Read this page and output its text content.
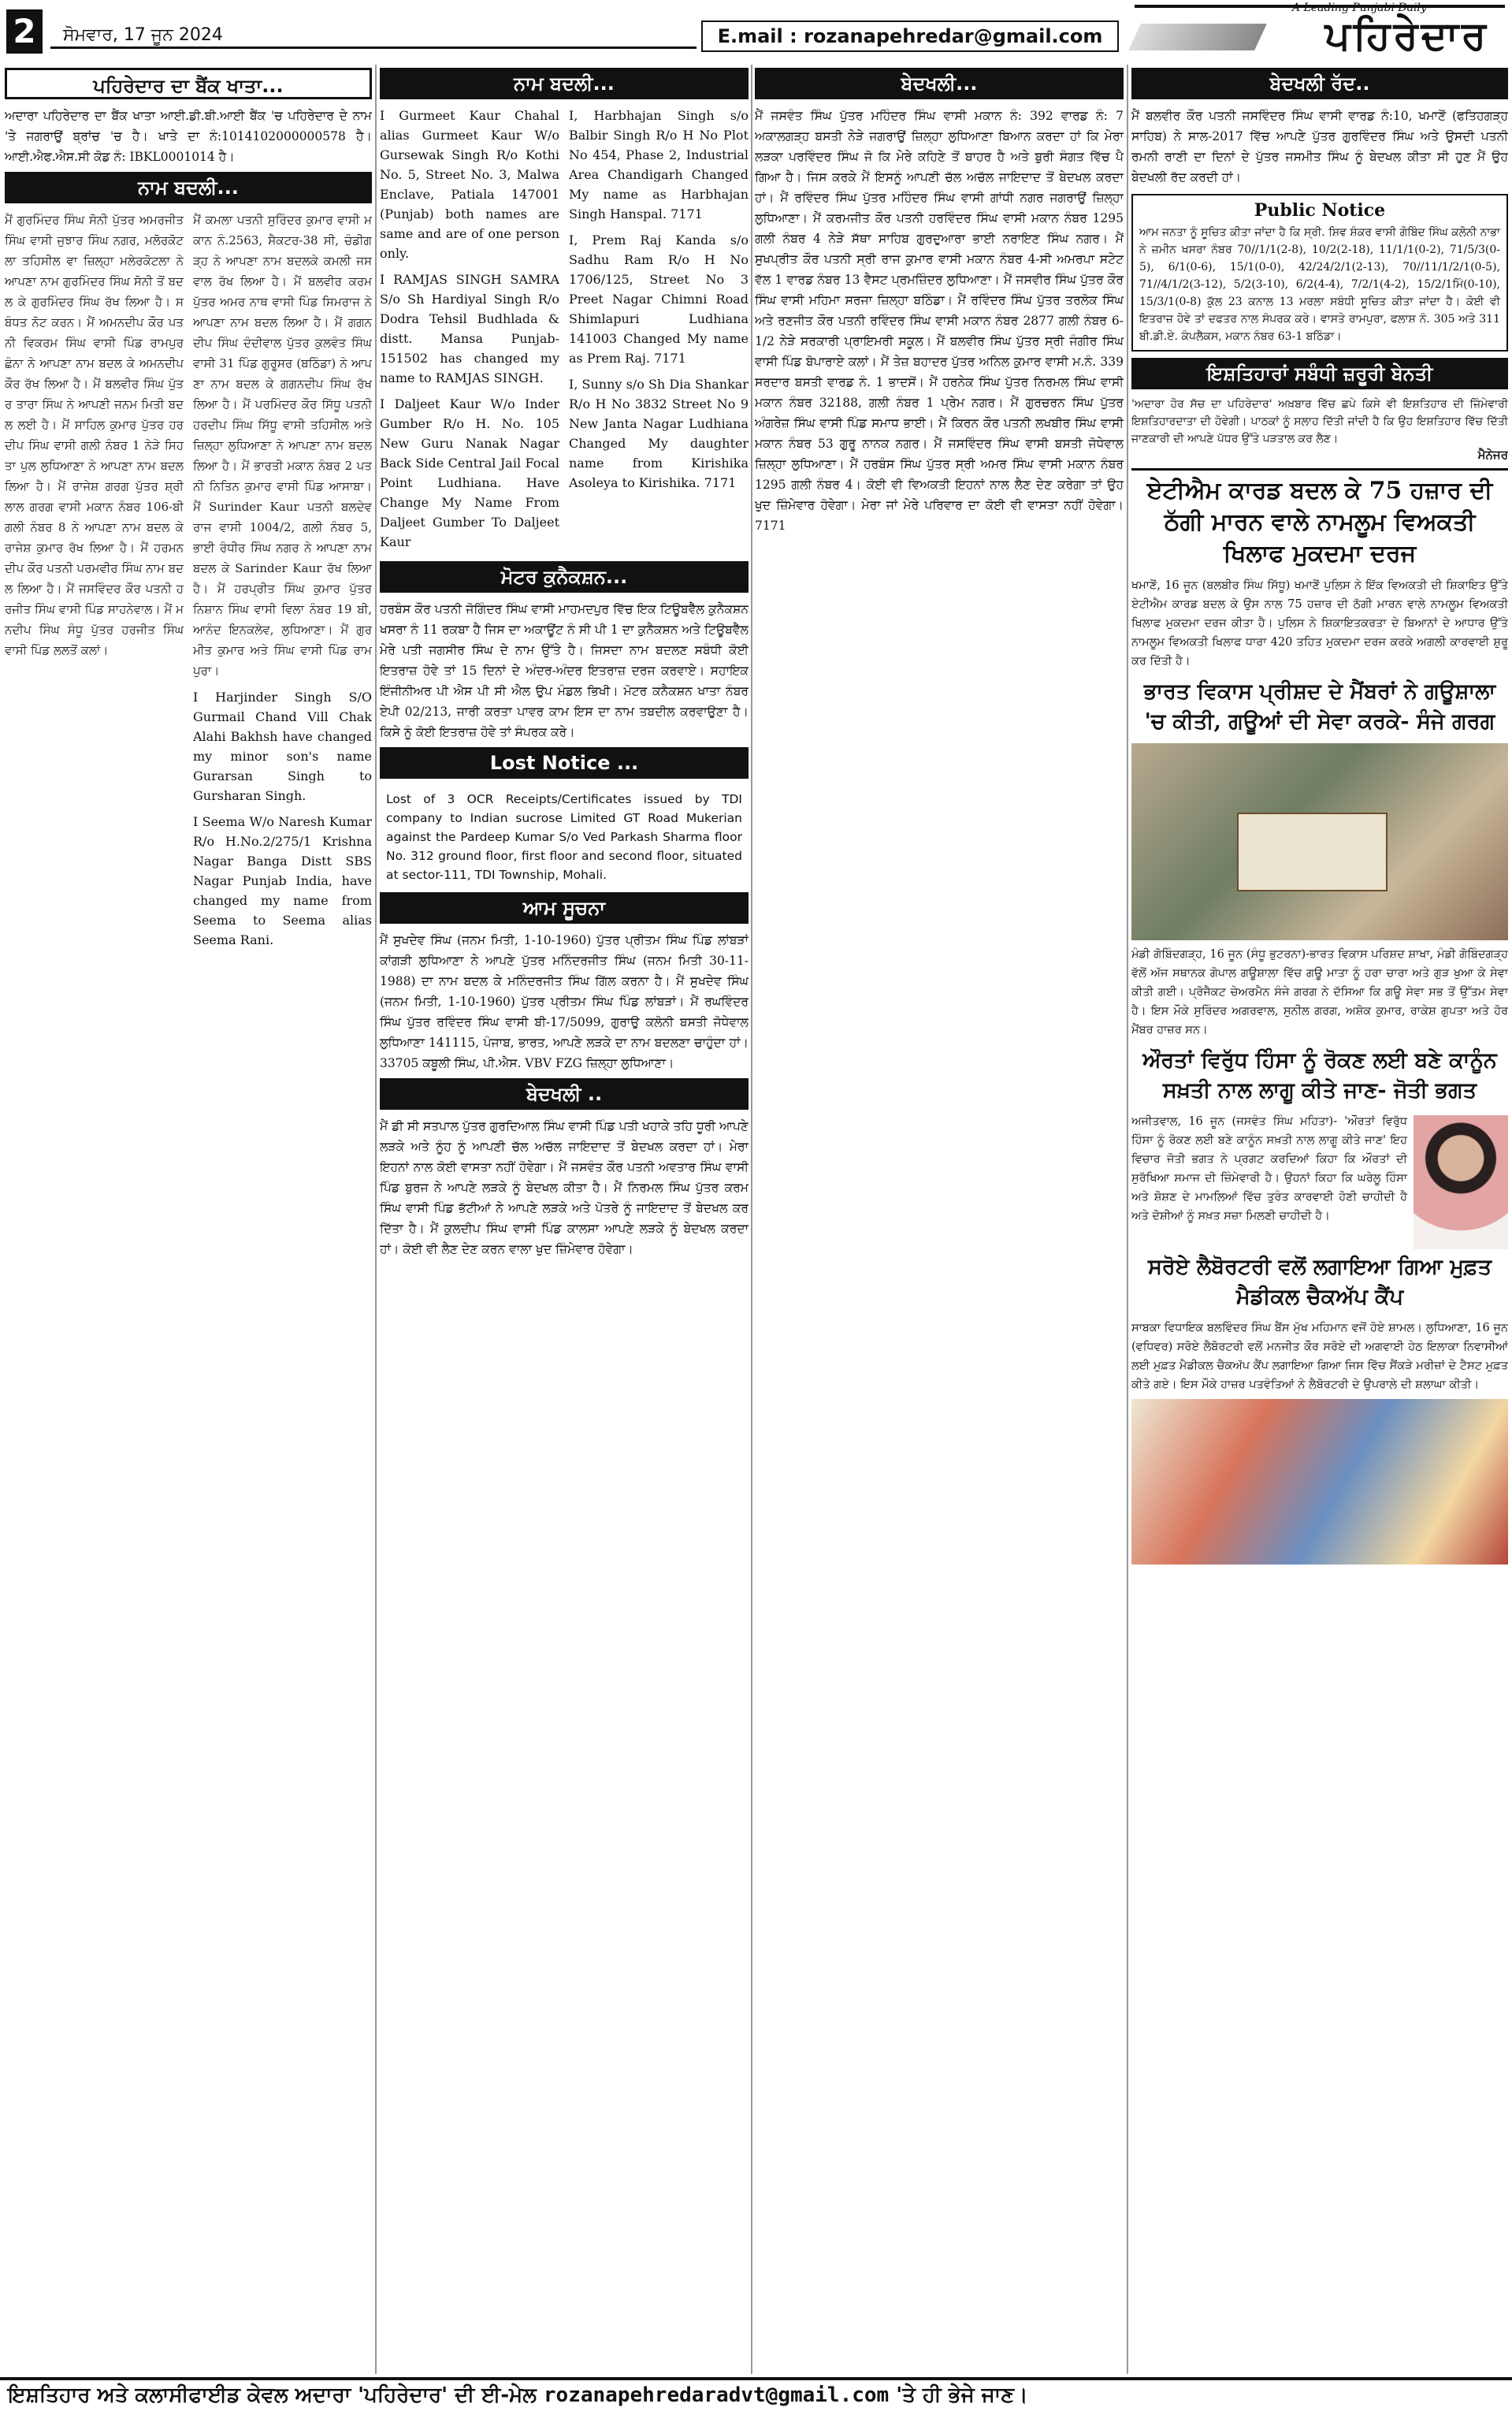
2	ਸੋਮਵਾਰ, 17 ਜੂਨ 2024	E.mail : rozanapehredar@gmail.com	ਪਹਿਰੇਦਾਰ
A Leading Punjabi Daily
ਪਹਿਰੇਦਾਰ ਦਾ ਬੈਂਕ ਖਾਤਾ...

ਅਦਾਰਾ ਪਹਿਰੇਦਾਰ ਦਾ ਬੈਂਕ ਖਾਤਾ ਆਈ.ਡੀ.ਬੀ.ਆਈ ਬੈਂਕ 'ਚ ਪਹਿਰੇਦਾਰ ਦੇ ਨਾਮ 'ਤੇ ਜਗਰਾਉਂ ਬ੍ਰਾਂਚ 'ਚ ਹੈ। ਖਾਤੇ ਦਾ ਨੰ:1014102000000578 ਹੈ। ਆਈ.ਐਫ.ਐਸ.ਸੀ ਕੋਡ ਨੰ: IBKL0001014 ਹੈ।

ਨਾਮ ਬਦਲੀ...

ਮੈਂ ਗੁਰਮਿੰਦਰ ਸਿੰਘ ਸੋਨੀ ਪੁੱਤਰ ਅਮਰਜੀਤ ਸਿੰਘ ਵਾਸੀ ਜੁਝਾਰ ਸਿੰਘ ਨਗਰ, ਮਲੋਰਕੋਟਲਾ ਤਹਿਸੀਲ ਵਾ ਜ਼ਿਲ੍ਹਾ ਮਲੇਰਕੋਟਲਾ ਨੇ ਆਪਣਾ ਨਾਮ ਗੁਰਮਿੰਦਰ ਸਿੰਘ ਸੋਨੀ ਤੋਂ ਬਦਲ ਕੇ ਗੁਰਮਿੰਦਰ ਸਿੰਘ ਰੱਖ ਲਿਆ ਹੈ। ਸਬੰਧਤ ਨੋਟ ਕਰਨ। ਮੈਂ ਅਮਨਦੀਪ ਕੌਰ ਪਤਨੀ ਵਿਕਰਮ ਸਿੰਘ ਵਾਸੀ ਪਿੰਡ ਰਾਮਪੁਰ ਛੰਨਾ ਨੇ ਆਪਣਾ ਨਾਮ ਬਦਲ ਕੇ ਅਮਨਦੀਪ ਕੌਰ ਰੱਖ ਲਿਆ ਹੈ। ਮੈਂ ਬਲਵੀਰ ਸਿੰਘ ਪੁੱਤਰ ਤਾਰਾ ਸਿੰਘ ਨੇ ਆਪਣੀ ਜਨਮ ਮਿਤੀ ਬਦਲ ਲਈ ਹੈ। ਮੈਂ ਸਾਹਿਲ ਕੁਮਾਰ ਪੁੱਤਰ ਹਰਦੀਪ ਸਿੰਘ ਵਾਸੀ ਗਲੀ ਨੰਬਰ 1 ਨੇੜੇ ਸਿਹਤਾ ਪੁਲ ਲੁਧਿਆਣਾ ਨੇ ਆਪਣਾ ਨਾਮ ਬਦਲ ਲਿਆ ਹੈ। ਮੈਂ ਰਾਜੇਸ਼ ਗਰਗ ਪੁੱਤਰ ਸ਼੍ਰੀ ਲਾਲ ਗਰਗ ਵਾਸੀ ਮਕਾਨ ਨੰਬਰ 106-ਬੀ ਗਲੀ ਨੰਬਰ 8 ਨੇ ਆਪਣਾ ਨਾਮ ਬਦਲ ਕੇ ਰਾਜੇਸ਼ ਕੁਮਾਰ ਰੱਖ ਲਿਆ ਹੈ। ਮੈਂ ਹਰਮਨਦੀਪ ਕੌਰ ਪਤਨੀ ਪਰਮਵੀਰ ਸਿੰਘ ਨਾਮ ਬਦਲ ਲਿਆ ਹੈ। ਮੈਂ ਜਸਵਿੰਦਰ ਕੌਰ ਪਤਨੀ ਹਰਜੀਤ ਸਿੰਘ ਵਾਸੀ ਪਿੰਡ ਸਾਹਨੇਵਾਲ। ਮੈਂ ਮਨਦੀਪ ਸਿੰਘ ਸੰਧੂ ਪੁੱਤਰ ਹਰਜੀਤ ਸਿੰਘ ਵਾਸੀ ਪਿੰਡ ਲਲਤੋਂ ਕਲਾਂ।

ਮੈਂ ਕਮਲਾ ਪਤਨੀ ਸੁਰਿੰਦਰ ਕੁਮਾਰ ਵਾਸੀ ਮਕਾਨ ਨੰ.2563, ਸੈਕਟਰ-38 ਸੀ, ਚੰਡੀਗੜ੍ਹ ਨੇ ਆਪਣਾ ਨਾਮ ਬਦਲਕੇ ਕਮਲੀ ਜਸਵਾਲ ਰੱਖ ਲਿਆ ਹੈ। ਮੈਂ ਬਲਵੀਰ ਕਰਮ ਪੁੱਤਰ ਅਮਰ ਨਾਥ ਵਾਸੀ ਪਿੰਡ ਸਿਮਰਾਜ ਨੇ ਆਪਣਾ ਨਾਮ ਬਦਲ ਲਿਆ ਹੈ। ਮੈਂ ਗਗਨਦੀਪ ਸਿੰਘ ਦੰਦੀਵਾਲ ਪੁੱਤਰ ਕੁਲਵੰਤ ਸਿੰਘ ਵਾਸੀ 31 ਪਿੰਡ ਗੁਰੂਸਰ (ਬਠਿੰਡਾ) ਨੇ ਆਪਣਾ ਨਾਮ ਬਦਲ ਕੇ ਗਗਨਦੀਪ ਸਿੰਘ ਰੱਖ ਲਿਆ ਹੈ। ਮੈਂ ਪਰਮਿੰਦਰ ਕੌਰ ਸਿੱਧੂ ਪਤਨੀ ਹਰਦੀਪ ਸਿੰਘ ਸਿੱਧੂ ਵਾਸੀ ਤਹਿਸੀਲ ਅਤੇ ਜ਼ਿਲ੍ਹਾ ਲੁਧਿਆਣਾ ਨੇ ਆਪਣਾ ਨਾਮ ਬਦਲ ਲਿਆ ਹੈ। ਮੈਂ ਭਾਰਤੀ ਮਕਾਨ ਨੰਬਰ 2 ਪਤਨੀ ਨਿਤਿਨ ਕੁਮਾਰ ਵਾਸੀ ਪਿੰਡ ਆਸਾਬਾ। ਮੈਂ Surinder Kaur ਪਤਨੀ ਬਲਦੇਵ ਰਾਜ ਵਾਸੀ 1004/2, ਗਲੀ ਨੰਬਰ 5, ਭਾਈ ਰੰਧੀਰ ਸਿੰਘ ਨਗਰ ਨੇ ਆਪਣਾ ਨਾਮ ਬਦਲ ਕੇ Sarinder Kaur ਰੱਖ ਲਿਆ ਹੈ। ਮੈਂ ਹਰਪ੍ਰੀਤ ਸਿੰਘ ਕੁਮਾਰ ਪੁੱਤਰ ਨਿਸ਼ਾਨ ਸਿੰਘ ਵਾਸੀ ਵਿਲਾ ਨੰਬਰ 19 ਬੀ, ਆਨੰਦ ਇਨਕਲੇਵ, ਲੁਧਿਆਣਾ। ਮੈਂ ਗੁਰਮੀਤ ਕੁਮਾਰ ਅਤੇ ਸਿੰਘ ਵਾਸੀ ਪਿੰਡ ਰਾਮਪੁਰਾ।

I Harjinder Singh S/O Gurmail Chand Vill Chak Alahi Bakhsh have changed my minor son's name Gurarsan Singh to Gursharan Singh.

I Seema W/o Naresh Kumar R/o H.No.2/275/1 Krishna Nagar Banga Distt SBS Nagar Punjab India, have changed my name from Seema to Seema alias Seema Rani.

ਨਾਮ ਬਦਲੀ...

I Gurmeet Kaur Chahal alias Gurmeet Kaur W/o Gursewak Singh R/o Kothi No. 5, Street No. 3, Malwa Enclave, Patiala 147001 (Punjab) both names are same and are of one person only.

I RAMJAS SINGH SAMRA S/o Sh Hardiyal Singh R/o Dodra Tehsil Budhlada & distt. Mansa Punjab-151502 has changed my name to RAMJAS SINGH.

I Daljeet Kaur W/o Inder Gumber R/o H. No. 105 New Guru Nanak Nagar Back Side Central Jail Focal Point Ludhiana. Have Change My Name From Daljeet Gumber To Daljeet Kaur

I, Harbhajan Singh s/o Balbir Singh R/o H No Plot No 454, Phase 2, Industrial Area Chandigarh Changed My name as Harbhajan Singh Hanspal. 7171

I, Prem Raj Kanda s/o Sadhu Ram R/o H No 1706/125, Street No 3 Preet Nagar Chimni Road Shimlapuri Ludhiana 141003 Changed My name as Prem Raj. 7171

I, Sunny s/o Sh Dia Shankar R/o H No 3832 Street No 9 New Janta Nagar Ludhiana Changed My daughter name from Kirishika Asoleya to Kirishika. 7171

ਮੋਟਰ ਕੁਨੈਕਸ਼ਨ...

ਹਰਬੰਸ ਕੌਰ ਪਤਨੀ ਜੋਗਿੰਦਰ ਸਿੰਘ ਵਾਸੀ ਮਾਹਮਦਪੁਰ ਵਿੱਚ ਇਕ ਟਿਊਬਵੈੱਲ ਕੁਨੈਕਸ਼ਨ ਖਸਰਾ ਨੰ 11 ਰਕਬਾ ਹੈ ਜਿਸ ਦਾ ਅਕਾਊਂਟ ਨੰ ਸੀ ਪੀ 1 ਦਾ ਕੁਨੈਕਸ਼ਨ ਅਤੇ ਟਿਊਬਵੈੱਲ ਮੇਰੇ ਪਤੀ ਜਗਸੀਰ ਸਿੰਘ ਦੇ ਨਾਮ ਉੱਤੇ ਹੈ। ਜਿਸਦਾ ਨਾਮ ਬਦਲਣ ਸਬੰਧੀ ਕੋਈ ਇਤਰਾਜ਼ ਹੋਵੇ ਤਾਂ 15 ਦਿਨਾਂ ਦੇ ਅੰਦਰ-ਅੰਦਰ ਇਤਰਾਜ਼ ਦਰਜ ਕਰਵਾਏ। ਸਹਾਇਕ ਇੰਜੀਨੀਅਰ ਪੀ ਐਸ ਪੀ ਸੀ ਐਲ ਉਪ ਮੰਡਲ ਭਿਖੀ। ਮੋਟਰ ਕਨੈਕਸ਼ਨ ਖਾਤਾ ਨੰਬਰ ਏਪੀ 02/213, ਜਾਰੀ ਕਰਤਾ ਪਾਵਰ ਕਾਮ ਇਸ ਦਾ ਨਾਮ ਤਬਦੀਲ ਕਰਵਾਉਣਾ ਹੈ। ਕਿਸੇ ਨੂੰ ਕੋਈ ਇਤਰਾਜ਼ ਹੋਵੇ ਤਾਂ ਸੰਪਰਕ ਕਰੇ।

Lost Notice ...

Lost of 3 OCR Receipts/Certificates issued by TDI company to Indian sucrose Limited GT Road Mukerian against the Pardeep Kumar S/o Ved Parkash Sharma floor No. 312 ground floor, first floor and second floor, situated at sector-111, TDI Township, Mohali.

ਆਮ ਸੂਚਨਾ

ਮੈਂ ਸੁਖਦੇਵ ਸਿੰਘ (ਜਨਮ ਮਿਤੀ, 1-10-1960) ਪੁੱਤਰ ਪ੍ਰੀਤਮ ਸਿੰਘ ਪਿੰਡ ਲਾਂਬੜਾਂ ਕਾਂਗੜੀ ਲੁਧਿਆਣਾ ਨੇ ਆਪਣੇ ਪੁੱਤਰ ਮਨਿੰਦਰਜੀਤ ਸਿੰਘ (ਜਨਮ ਮਿਤੀ 30-11-1988) ਦਾ ਨਾਮ ਬਦਲ ਕੇ ਮਨਿੰਦਰਜੀਤ ਸਿੰਘ ਗਿੱਲ ਕਰਨਾ ਹੈ। ਮੈਂ ਸੁਖਦੇਵ ਸਿੰਘ (ਜਨਮ ਮਿਤੀ, 1-10-1960) ਪੁੱਤਰ ਪ੍ਰੀਤਮ ਸਿੰਘ ਪਿੰਡ ਲਾਂਬੜਾਂ। ਮੈਂ ਰਘਵਿੰਦਰ ਸਿੰਘ ਪੁੱਤਰ ਰਵਿੰਦਰ ਸਿੰਘ ਵਾਸੀ ਬੀ-17/5099, ਗੁਰਾਉ ਕਲੋਨੀ ਬਸਤੀ ਜੋਧੇਵਾਲ ਲੁਧਿਆਣਾ 141115, ਪੰਜਾਬ, ਭਾਰਤ, ਆਪਣੇ ਲੜਕੇ ਦਾ ਨਾਮ ਬਦਲਣਾ ਚਾਹੁੰਦਾ ਹਾਂ। 33705 ਕਬੂਲੀ ਸਿੰਘ, ਪੀ.ਐਸ. VBV FZG ਜ਼ਿਲ੍ਹਾ ਲੁਧਿਆਣਾ।

ਬੇਦਖਲੀ ..

ਮੈਂ ਡੀ ਸੀ ਸਤਪਾਲ ਪੁੱਤਰ ਗੁਰਦਿਆਲ ਸਿੰਘ ਵਾਸੀ ਪਿੰਡ ਪਤੀ ਖਹਾਕੇ ਤਹਿ ਧੂਰੀ ਆਪਣੇ ਲੜਕੇ ਅਤੇ ਨੂੰਹ ਨੂੰ ਆਪਣੀ ਚੱਲ ਅਚੱਲ ਜਾਇਦਾਦ ਤੋਂ ਬੇਦਖਲ ਕਰਦਾ ਹਾਂ। ਮੇਰਾ ਇਹਨਾਂ ਨਾਲ ਕੋਈ ਵਾਸਤਾ ਨਹੀਂ ਹੋਵੇਗਾ। ਮੈਂ ਜਸਵੰਤ ਕੌਰ ਪਤਨੀ ਅਵਤਾਰ ਸਿੰਘ ਵਾਸੀ ਪਿੰਡ ਬੁਰਜ ਨੇ ਆਪਣੇ ਲੜਕੇ ਨੂੰ ਬੇਦਖਲ ਕੀਤਾ ਹੈ। ਮੈਂ ਨਿਰਮਲ ਸਿੰਘ ਪੁੱਤਰ ਕਰਮ ਸਿੰਘ ਵਾਸੀ ਪਿੰਡ ਭੱਟੀਆਂ ਨੇ ਆਪਣੇ ਲੜਕੇ ਅਤੇ ਪੋਤਰੇ ਨੂੰ ਜਾਇਦਾਦ ਤੋਂ ਬੇਦਖਲ ਕਰ ਦਿੱਤਾ ਹੈ। ਮੈਂ ਕੁਲਦੀਪ ਸਿੰਘ ਵਾਸੀ ਪਿੰਡ ਕਾਲਸਾ ਆਪਣੇ ਲੜਕੇ ਨੂੰ ਬੇਦਖਲ ਕਰਦਾ ਹਾਂ। ਕੋਈ ਵੀ ਲੈਣ ਦੇਣ ਕਰਨ ਵਾਲਾ ਖੁਦ ਜ਼ਿੰਮੇਵਾਰ ਹੋਵੇਗਾ।

ਬੇਦਖਲੀ...

ਮੈਂ ਜਸਵੰਤ ਸਿੰਘ ਪੁੱਤਰ ਮਹਿੰਦਰ ਸਿੰਘ ਵਾਸੀ ਮਕਾਨ ਨੰ: 392 ਵਾਰਡ ਨੰ: 7 ਅਕਾਲਗੜ੍ਹ ਬਸਤੀ ਨੇੜੇ ਜਗਰਾਉਂ ਜ਼ਿਲ੍ਹਾ ਲੁਧਿਆਣਾ ਬਿਆਨ ਕਰਦਾ ਹਾਂ ਕਿ ਮੇਰਾ ਲੜਕਾ ਪਰਵਿੰਦਰ ਸਿੰਘ ਜੋ ਕਿ ਮੇਰੇ ਕਹਿਣੇ ਤੋਂ ਬਾਹਰ ਹੈ ਅਤੇ ਬੁਰੀ ਸੰਗਤ ਵਿੱਚ ਪੈ ਗਿਆ ਹੈ। ਜਿਸ ਕਰਕੇ ਮੈਂ ਇਸਨੂੰ ਆਪਣੀ ਚੱਲ ਅਚੱਲ ਜਾਇਦਾਦ ਤੋਂ ਬੇਦਖਲ ਕਰਦਾ ਹਾਂ। ਮੈਂ ਰਵਿੰਦਰ ਸਿੰਘ ਪੁੱਤਰ ਮਹਿੰਦਰ ਸਿੰਘ ਵਾਸੀ ਗਾਂਧੀ ਨਗਰ ਜਗਰਾਉਂ ਜ਼ਿਲ੍ਹਾ ਲੁਧਿਆਣਾ। ਮੈਂ ਕਰਮਜੀਤ ਕੌਰ ਪਤਨੀ ਹਰਵਿੰਦਰ ਸਿੰਘ ਵਾਸੀ ਮਕਾਨ ਨੰਬਰ 1295 ਗਲੀ ਨੰਬਰ 4 ਨੇੜੇ ਸੱਥਾ ਸਾਹਿਬ ਗੁਰਦੁਆਰਾ ਭਾਈ ਨਰਾਇਣ ਸਿੰਘ ਨਗਰ। ਮੈਂ ਸੁਖਪ੍ਰੀਤ ਕੌਰ ਪਤਨੀ ਸ੍ਰੀ ਰਾਜ ਕੁਮਾਰ ਵਾਸੀ ਮਕਾਨ ਨੰਬਰ 4-ਸੀ ਅਮਰਪਾ ਸਟੇਟ ਵੱਲ 1 ਵਾਰਡ ਨੰਬਰ 13 ਵੈਸਟ ਪ੍ਰਮਜ਼ਿੰਦਰ ਲੁਧਿਆਣਾ। ਮੈਂ ਜਸਵੀਰ ਸਿੰਘ ਪੁੱਤਰ ਕੌਰ ਸਿੰਘ ਵਾਸੀ ਮਹਿਮਾ ਸਰਜਾ ਜ਼ਿਲ੍ਹਾ ਬਠਿੰਡਾ। ਮੈਂ ਰਵਿੰਦਰ ਸਿੰਘ ਪੁੱਤਰ ਤਰਲੋਕ ਸਿੰਘ ਅਤੇ ਰਣਜੀਤ ਕੌਰ ਪਤਨੀ ਰਵਿੰਦਰ ਸਿੰਘ ਵਾਸੀ ਮਕਾਨ ਨੰਬਰ 2877 ਗਲੀ ਨੰਬਰ 6-1/2 ਨੇੜੇ ਸਰਕਾਰੀ ਪ੍ਰਾਇਮਰੀ ਸਕੂਲ। ਮੈਂ ਬਲਵੀਰ ਸਿੰਘ ਪੁੱਤਰ ਸ੍ਰੀ ਜੰਗੀਰ ਸਿੰਘ ਵਾਸੀ ਪਿੰਡ ਬੋਪਾਰਾਏ ਕਲਾਂ। ਮੈਂ ਤੇਜ਼ ਬਹਾਦਰ ਪੁੱਤਰ ਅਨਿਲ ਕੁਮਾਰ ਵਾਸੀ ਮ.ਨੰ. 339 ਸਰਦਾਰ ਬਸਤੀ ਵਾਰਡ ਨੰ. 1 ਭਾਦਸੋਂ। ਮੈਂ ਹਰਨੇਕ ਸਿੰਘ ਪੁੱਤਰ ਨਿਰਮਲ ਸਿੰਘ ਵਾਸੀ ਮਕਾਨ ਨੰਬਰ 32188, ਗਲੀ ਨੰਬਰ 1 ਪ੍ਰੇਮ ਨਗਰ। ਮੈਂ ਗੁਰਚਰਨ ਸਿੰਘ ਪੁੱਤਰ ਅੰਗਰੇਜ਼ ਸਿੰਘ ਵਾਸੀ ਪਿੰਡ ਸਮਾਧ ਭਾਈ। ਮੈਂ ਕਿਰਨ ਕੌਰ ਪਤਨੀ ਲਖਬੀਰ ਸਿੰਘ ਵਾਸੀ ਮਕਾਨ ਨੰਬਰ 53 ਗੁਰੂ ਨਾਨਕ ਨਗਰ। ਮੈਂ ਜਸਵਿੰਦਰ ਸਿੰਘ ਵਾਸੀ ਬਸਤੀ ਜੋਧੇਵਾਲ ਜ਼ਿਲ੍ਹਾ ਲੁਧਿਆਣਾ। ਮੈਂ ਹਰਬੰਸ ਸਿੰਘ ਪੁੱਤਰ ਸ੍ਰੀ ਅਮਰ ਸਿੰਘ ਵਾਸੀ ਮਕਾਨ ਨੰਬਰ 1295 ਗਲੀ ਨੰਬਰ 4। ਕੋਈ ਵੀ ਵਿਅਕਤੀ ਇਹਨਾਂ ਨਾਲ ਲੈਣ ਦੇਣ ਕਰੇਗਾ ਤਾਂ ਉਹ ਖੁਦ ਜ਼ਿੰਮੇਵਾਰ ਹੋਵੇਗਾ। ਮੇਰਾ ਜਾਂ ਮੇਰੇ ਪਰਿਵਾਰ ਦਾ ਕੋਈ ਵੀ ਵਾਸਤਾ ਨਹੀਂ ਹੋਵੇਗਾ। 7171

ਬੇਦਖਲੀ ਰੱਦ..

ਮੈਂ ਬਲਵੀਰ ਕੌਰ ਪਤਨੀ ਜਸਵਿੰਦਰ ਸਿੰਘ ਵਾਸੀ ਵਾਰਡ ਨੰ:10, ਖਮਾਣੋਂ (ਫਤਿਹਗੜ੍ਹ ਸਾਹਿਬ) ਨੇ ਸਾਲ-2017 ਵਿੱਚ ਆਪਣੇ ਪੁੱਤਰ ਗੁਰਵਿੰਦਰ ਸਿੰਘ ਅਤੇ ਉਸਦੀ ਪਤਨੀ ਰਮਨੀ ਰਾਣੀ ਦਾ ਦਿਨਾਂ ਦੇ ਪੁੱਤਰ ਜਸਮੀਤ ਸਿੰਘ ਨੂੰ ਬੇਦਖਲ ਕੀਤਾ ਸੀ ਹੁਣ ਮੈਂ ਉਹ ਬੇਦਖਲੀ ਰੱਦ ਕਰਦੀ ਹਾਂ।

Public Notice

ਆਮ ਜਨਤਾ ਨੂੰ ਸੂਚਿਤ ਕੀਤਾ ਜਾਂਦਾ ਹੈ ਕਿ ਸ੍ਰੀ. ਸ਼ਿਵ ਸ਼ੰਕਰ ਵਾਸੀ ਗੋਬਿੰਦ ਸਿੰਘ ਕਲੋਨੀ ਨਾਭਾ ਨੇ ਜ਼ਮੀਨ ਖਸਰਾ ਨੰਬਰ 70//1/1(2-8), 10/2(2-18), 11/1/1(0-2), 71/5/3(0-5), 6/1(0-6), 15/1(0-0), 42/24/2/1(2-13), 70//11/1/2/1(0-5), 71//4/1/2(3-12), 5/2(3-10), 6/2(4-4), 7/2/1(4-2), 15/2/1ਮਿੰ(0-10), 15/3/1(0-8) ਕੁੱਲ 23 ਕਨਾਲ 13 ਮਰਲਾ ਸਬੰਧੀ ਸੂਚਿਤ ਕੀਤਾ ਜਾਂਦਾ ਹੈ। ਕੋਈ ਵੀ ਇਤਰਾਜ਼ ਹੋਵੇ ਤਾਂ ਦਫਤਰ ਨਾਲ ਸੰਪਰਕ ਕਰੇ। ਵਾਸਤੇ ਰਾਮਪੁਰਾ, ਫਲਾਸ਼ ਨੰ. 305 ਅਤੇ 311 ਬੀ.ਡੀ.ਏ. ਕੰਪਲੈਕਸ, ਮਕਾਨ ਨੰਬਰ 63-1 ਬਠਿੰਡਾ।

ਇਸ਼ਤਿਹਾਰਾਂ ਸਬੰਧੀ ਜ਼ਰੂਰੀ ਬੇਨਤੀ

'ਅਦਾਰਾ ਹੋਰ ਸੱਚ ਦਾ ਪਹਿਰੇਦਾਰ' ਅਖ਼ਬਾਰ ਵਿੱਚ ਛਪੇ ਕਿਸੇ ਵੀ ਇਸ਼ਤਿਹਾਰ ਦੀ ਜ਼ਿੰਮੇਵਾਰੀ ਇਸ਼ਤਿਹਾਰਦਾਤਾ ਦੀ ਹੋਵੇਗੀ। ਪਾਠਕਾਂ ਨੂੰ ਸਲਾਹ ਦਿੱਤੀ ਜਾਂਦੀ ਹੈ ਕਿ ਉਹ ਇਸ਼ਤਿਹਾਰ ਵਿੱਚ ਦਿੱਤੀ ਜਾਣਕਾਰੀ ਦੀ ਆਪਣੇ ਪੱਧਰ ਉੱਤੇ ਪੜਤਾਲ ਕਰ ਲੈਣ।

ਮੈਨੇਜਰ

ਏਟੀਐਮ ਕਾਰਡ ਬਦਲ ਕੇ 75 ਹਜ਼ਾਰ ਦੀ ਠੱਗੀ ਮਾਰਨ ਵਾਲੇ ਨਾਮਲੂਮ ਵਿਅਕਤੀ ਖਿਲਾਫ ਮੁਕਦਮਾ ਦਰਜ

ਖਮਾਣੋਂ, 16 ਜੂਨ (ਬਲਬੀਰ ਸਿੰਘ ਸਿੱਧੂ) ਖਮਾਣੋਂ ਪੁਲਿਸ ਨੇ ਇੱਕ ਵਿਅਕਤੀ ਦੀ ਸ਼ਿਕਾਇਤ ਉੱਤੇ ਏਟੀਐਮ ਕਾਰਡ ਬਦਲ ਕੇ ਉਸ ਨਾਲ 75 ਹਜ਼ਾਰ ਦੀ ਠੱਗੀ ਮਾਰਨ ਵਾਲੇ ਨਾਮਲੂਮ ਵਿਅਕਤੀ ਖਿਲਾਫ ਮੁਕਦਮਾ ਦਰਜ ਕੀਤਾ ਹੈ। ਪੁਲਿਸ ਨੇ ਸ਼ਿਕਾਇਤਕਰਤਾ ਦੇ ਬਿਆਨਾਂ ਦੇ ਆਧਾਰ ਉੱਤੇ ਨਾਮਲੂਮ ਵਿਅਕਤੀ ਖਿਲਾਫ ਧਾਰਾ 420 ਤਹਿਤ ਮੁਕਦਮਾ ਦਰਜ ਕਰਕੇ ਅਗਲੀ ਕਾਰਵਾਈ ਸ਼ੁਰੂ ਕਰ ਦਿੱਤੀ ਹੈ।

ਭਾਰਤ ਵਿਕਾਸ ਪ੍ਰੀਸ਼ਦ ਦੇ ਮੈਂਬਰਾਂ ਨੇ ਗਊਸ਼ਾਲਾ 'ਚ ਕੀਤੀ, ਗਊਆਂ ਦੀ ਸੇਵਾ ਕਰਕੇ- ਸੰਜੇ ਗਰਗ

ਮੰਡੀ ਗੋਬਿੰਦਗੜ੍ਹ, 16 ਜੂਨ (ਸੰਧੂ ਭੁਟਰਨਾ)-ਭਾਰਤ ਵਿਕਾਸ ਪਰਿਸ਼ਦ ਸ਼ਾਖਾ, ਮੰਡੀ ਗੋਬਿੰਦਗੜ੍ਹ ਵੱਲੋਂ ਅੱਜ ਸਥਾਨਕ ਗੋਪਾਲ ਗਊਸ਼ਾਲਾ ਵਿੱਚ ਗਊ ਮਾਤਾ ਨੂੰ ਹਰਾ ਚਾਰਾ ਅਤੇ ਗੁੜ ਖੁਆ ਕੇ ਸੇਵਾ ਕੀਤੀ ਗਈ। ਪ੍ਰੋਜੈਕਟ ਚੇਅਰਮੈਨ ਸੰਜੇ ਗਰਗ ਨੇ ਦੱਸਿਆ ਕਿ ਗਊ ਸੇਵਾ ਸਭ ਤੋਂ ਉੱਤਮ ਸੇਵਾ ਹੈ। ਇਸ ਮੌਕੇ ਸੁਰਿੰਦਰ ਅਗਰਵਾਲ, ਸੁਨੀਲ ਗਰਗ, ਅਸ਼ੋਕ ਕੁਮਾਰ, ਰਾਕੇਸ਼ ਗੁਪਤਾ ਅਤੇ ਹੋਰ ਮੈਂਬਰ ਹਾਜ਼ਰ ਸਨ।

ਔਰਤਾਂ ਵਿਰੁੱਧ ਹਿੰਸਾ ਨੂੰ ਰੋਕਣ ਲਈ ਬਣੇ ਕਾਨੂੰਨ ਸਖ਼ਤੀ ਨਾਲ ਲਾਗੂ ਕੀਤੇ ਜਾਣ- ਜੋਤੀ ਭਗਤ

ਅਜੀਤਵਾਲ, 16 ਜੂਨ (ਜਸਵੰਤ ਸਿੰਘ ਮਹਿਤਾ)- 'ਔਰਤਾਂ ਵਿਰੁੱਧ ਹਿੰਸਾ ਨੂੰ ਰੋਕਣ ਲਈ ਬਣੇ ਕਾਨੂੰਨ ਸਖ਼ਤੀ ਨਾਲ ਲਾਗੂ ਕੀਤੇ ਜਾਣ' ਇਹ ਵਿਚਾਰ ਜੋਤੀ ਭਗਤ ਨੇ ਪ੍ਰਗਟ ਕਰਦਿਆਂ ਕਿਹਾ ਕਿ ਔਰਤਾਂ ਦੀ ਸੁਰੱਖਿਆ ਸਮਾਜ ਦੀ ਜ਼ਿੰਮੇਵਾਰੀ ਹੈ। ਉਹਨਾਂ ਕਿਹਾ ਕਿ ਘਰੇਲੂ ਹਿੰਸਾ ਅਤੇ ਸ਼ੋਸ਼ਣ ਦੇ ਮਾਮਲਿਆਂ ਵਿੱਚ ਤੁਰੰਤ ਕਾਰਵਾਈ ਹੋਣੀ ਚਾਹੀਦੀ ਹੈ ਅਤੇ ਦੋਸ਼ੀਆਂ ਨੂੰ ਸਖ਼ਤ ਸਜ਼ਾ ਮਿਲਣੀ ਚਾਹੀਦੀ ਹੈ।

ਸਰੋਏ ਲੈਬੋਰਟਰੀ ਵਲੋਂ ਲਗਾਇਆ ਗਿਆ ਮੁਫ਼ਤ ਮੈਡੀਕਲ ਚੈਕਅੱਪ ਕੈਂਪ

ਸਾਬਕਾ ਵਿਧਾਇਕ ਬਲਵਿੰਦਰ ਸਿੰਘ ਬੈਂਸ ਮੁੱਖ ਮਹਿਮਾਨ ਵਜੋਂ ਹੋਏ ਸ਼ਾਮਲ। ਲੁਧਿਆਣਾ, 16 ਜੂਨ (ਵਧਿਵਰ) ਸਰੋਏ ਲੈਬੋਰਟਰੀ ਵਲੋਂ ਮਨਜੀਤ ਕੌਰ ਸਰੋਏ ਦੀ ਅਗਵਾਈ ਹੇਠ ਇਲਾਕਾ ਨਿਵਾਸੀਆਂ ਲਈ ਮੁਫ਼ਤ ਮੈਡੀਕਲ ਚੈਕਅੱਪ ਕੈਂਪ ਲਗਾਇਆ ਗਿਆ ਜਿਸ ਵਿੱਚ ਸੈਂਕੜੇ ਮਰੀਜ਼ਾਂ ਦੇ ਟੈਸਟ ਮੁਫ਼ਤ ਕੀਤੇ ਗਏ। ਇਸ ਮੌਕੇ ਹਾਜ਼ਰ ਪਤਵੰਤਿਆਂ ਨੇ ਲੈਬੋਰਟਰੀ ਦੇ ਉਪਰਾਲੇ ਦੀ ਸ਼ਲਾਘਾ ਕੀਤੀ।

ਇਸ਼ਤਿਹਾਰ ਅਤੇ ਕਲਾਸੀਫਾਈਡ ਕੇਵਲ ਅਦਾਰਾ 'ਪਹਿਰੇਦਾਰ' ਦੀ ਈ-ਮੇਲ rozanapehredaradvt@gmail.com 'ਤੇ ਹੀ ਭੇਜੇ ਜਾਣ।
